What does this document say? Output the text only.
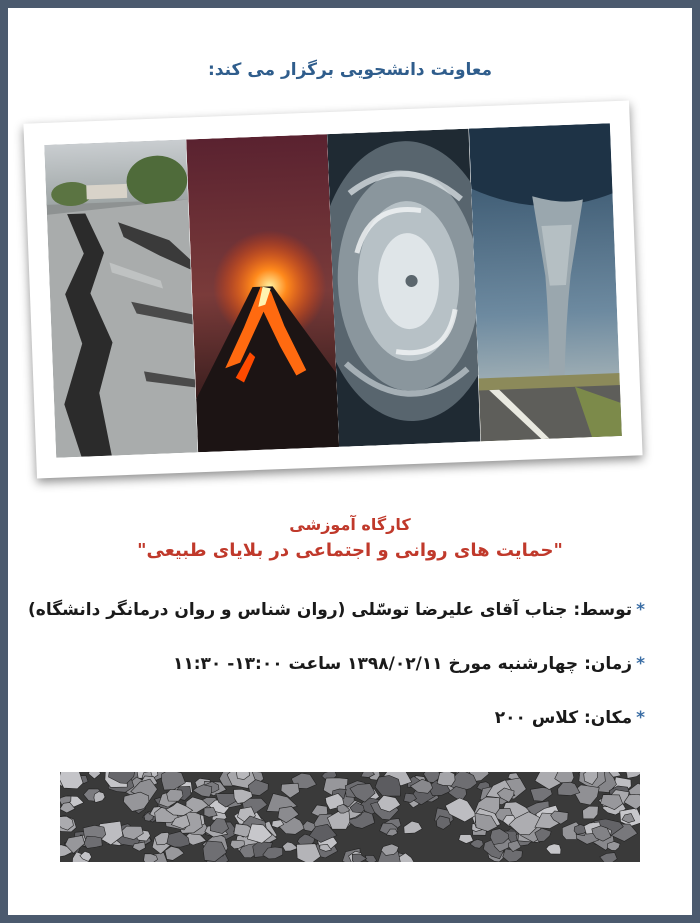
معاونت دانشجویی برگزار می کند:
کارگاه آموزشی
"حمایت های روانی و اجتماعی در بلایای طبیعی"
*توسط: جناب آقای علیرضا توسّلی (روان شناس و روان درمانگر دانشگاه)
*زمان: چهارشنبه مورخ ۱۳۹۸/۰۲/۱۱ ساعت ۱۳:۰۰- ۱۱:۳۰
*مکان: کلاس ۲۰۰
